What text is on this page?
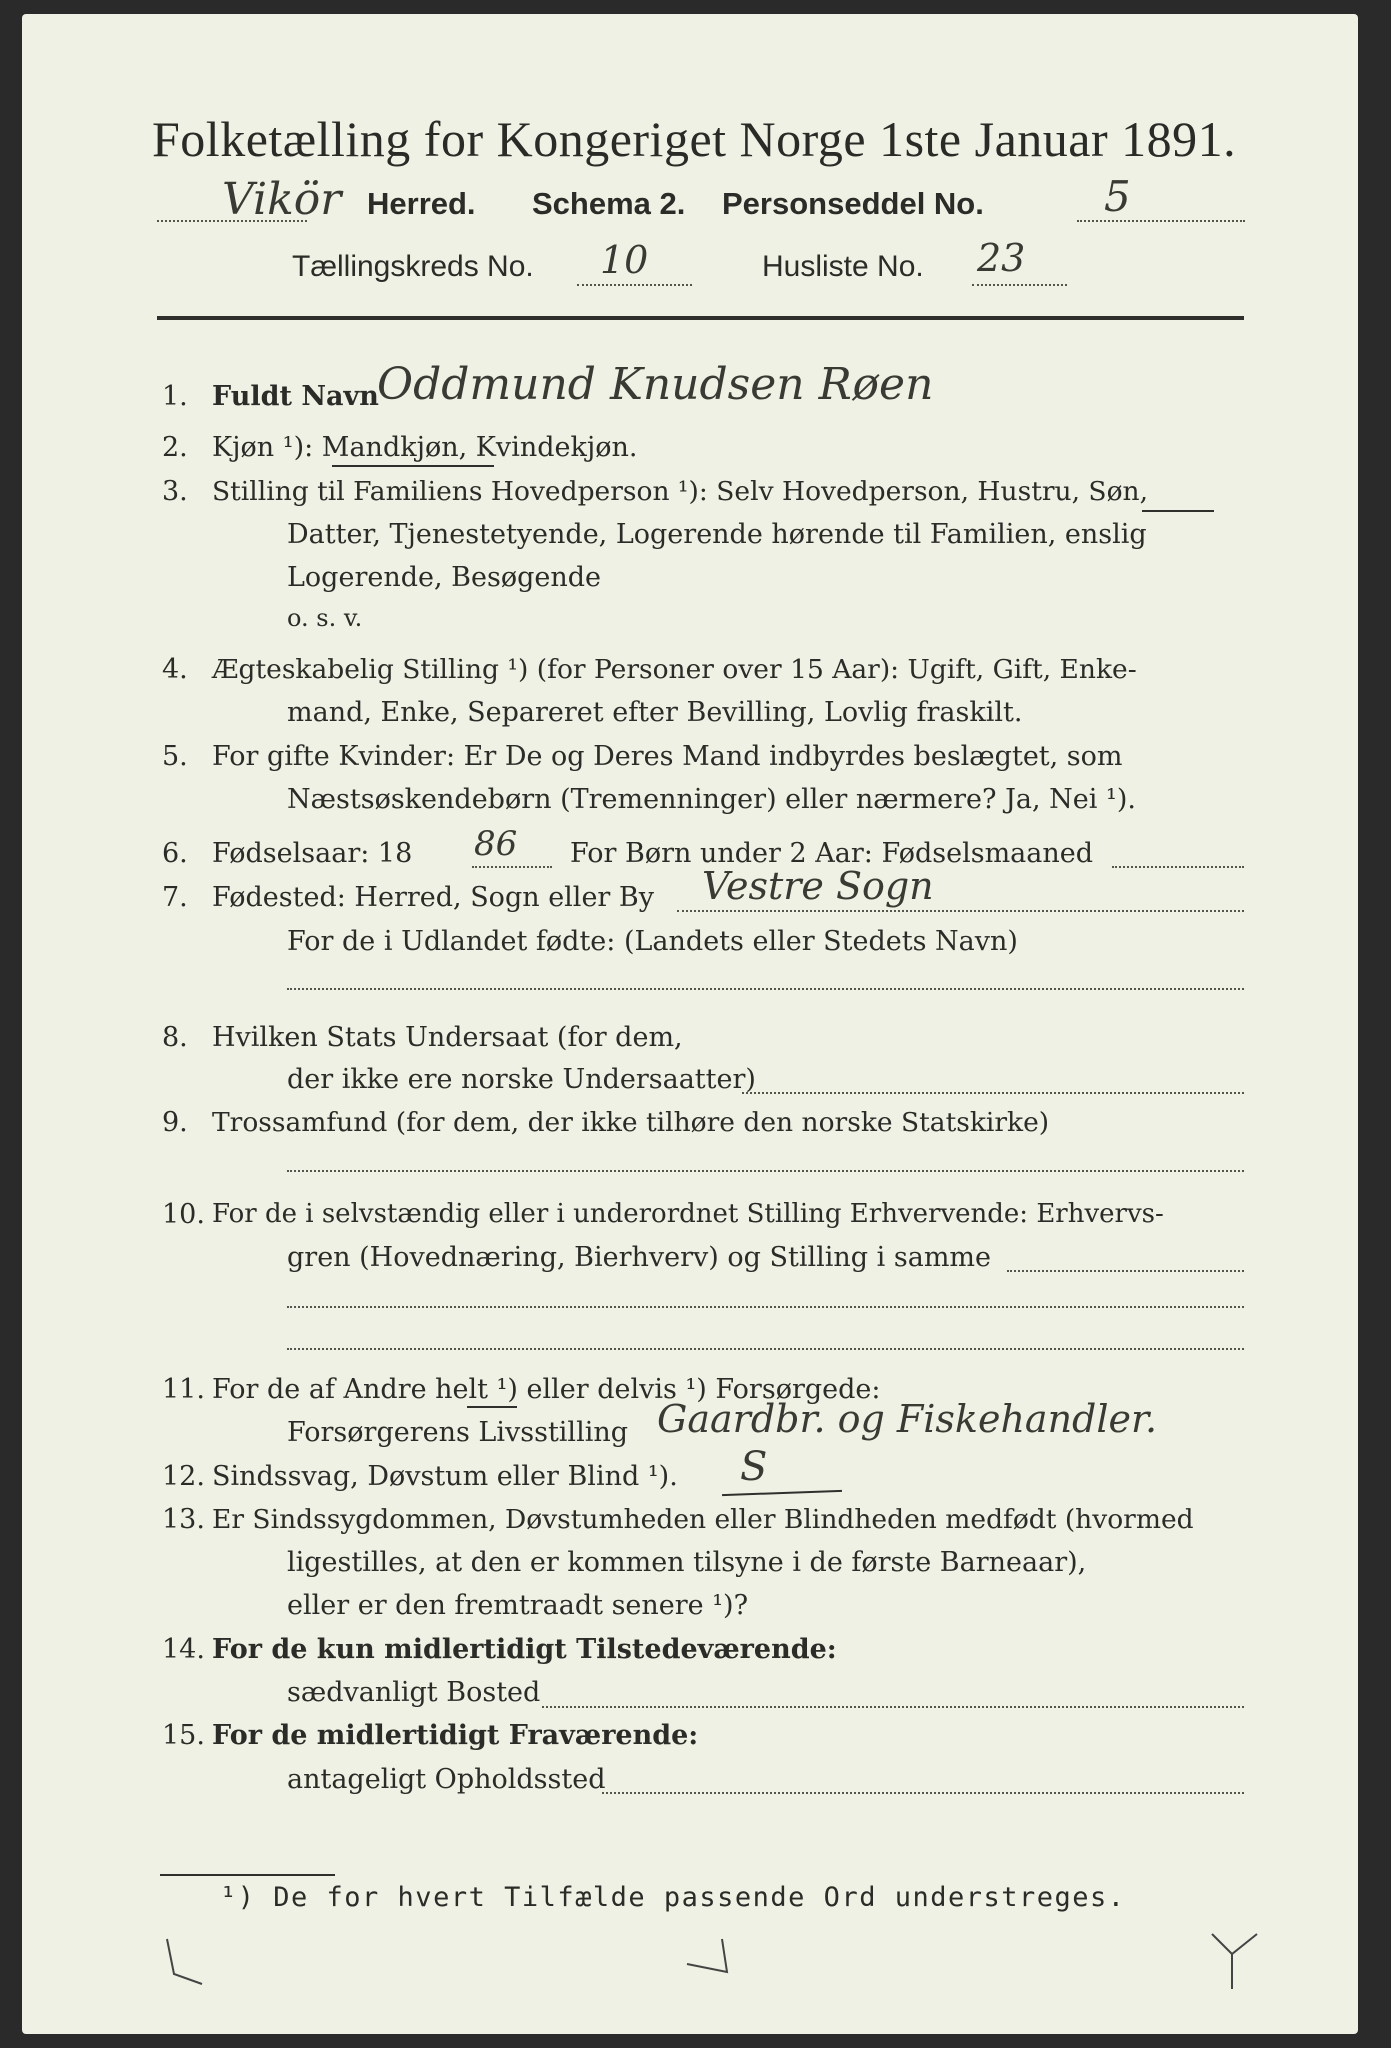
Folketælling for Kongeriget Norge 1ste Januar 1891.
Vikör Herred. Schema 2. Personseddel No.	5
Tællingskreds No. 10	Husliste No. 23
1. Fuldt Navn
Oddmund Knudsen Røen
2. Kjøn ¹): Mandkjøn, Kvindekjøn.
3. Stilling til Familiens Hovedperson ¹): Selv Hovedperson, Hustru, Søn,
Datter, Tjenestetyende, Logerende hørende til Familien, enslig
Logerende, Besøgende
o. s. v.
4. Ægteskabelig Stilling ¹) (for Personer over 15 Aar): Ugift, Gift, Enke-
mand, Enke, Separeret efter Bevilling, Lovlig fraskilt.
5. For gifte Kvinder: Er De og Deres Mand indbyrdes beslægtet, som
Næstsøskendebørn (Tremenninger) eller nærmere? Ja, Nei ¹).
6. Fødselsaar: 18 86 For Børn under 2 Aar: Fødselsmaaned
7. Fødested: Herred, Sogn eller By Vestre Sogn
For de i Udlandet fødte: (Landets eller Stedets Navn)
8. Hvilken Stats Undersaat (for dem,
der ikke ere norske Undersaatter)
9. Trossamfund (for dem, der ikke tilhøre den norske Statskirke)
10. For de i selvstændig eller i underordnet Stilling Erhvervende: Erhvervs-
gren (Hovednæring, Bierhverv) og Stilling i samme
11. For de af Andre helt ¹) eller delvis ¹) Forsørgede:
Forsørgerens Livsstilling Gaardbr. og Fiskehandler.
12. Sindssvag, Døvstum eller Blind ¹). S
13. Er Sindssygdommen, Døvstumheden eller Blindheden medfødt (hvormed
ligestilles, at den er kommen tilsyne i de første Barneaar),
eller er den fremtraadt senere ¹)?
14. For de kun midlertidigt Tilstedeværende:
sædvanligt Bosted
15. For de midlertidigt Fraværende:
antageligt Opholdssted
¹) De for hvert Tilfælde passende Ord understreges.
